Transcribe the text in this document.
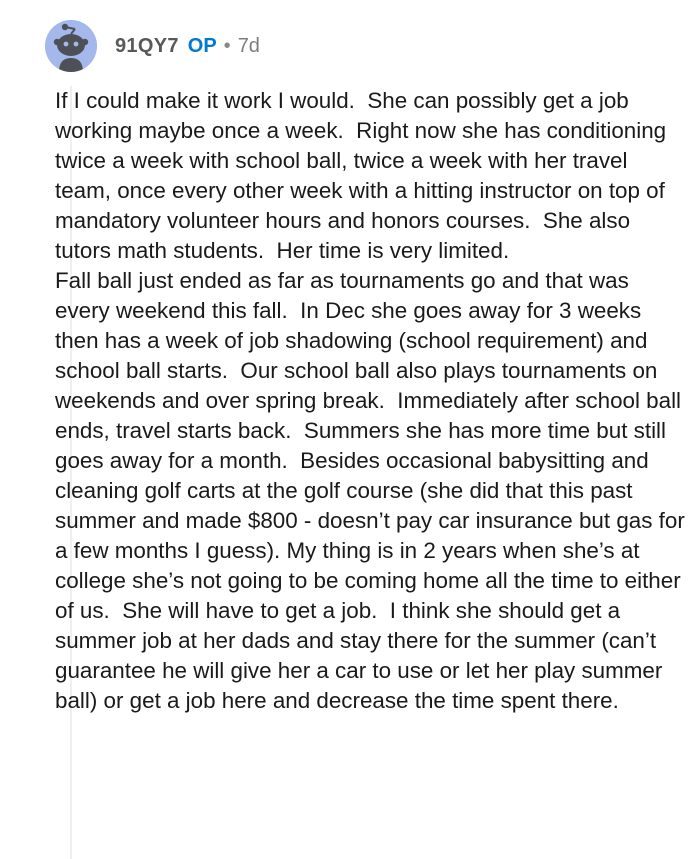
91QY7 OP • 7d

If I could make it work I would.  She can possibly get a job working maybe once a week.  Right now she has conditioning twice a week with school ball, twice a week with her travel team, once every other week with a hitting instructor on top of mandatory volunteer hours and honors courses.  She also tutors math students.  Her time is very limited.

Fall ball just ended as far as tournaments go and that was every weekend this fall.  In Dec she goes away for 3 weeks then has a week of job shadowing (school requirement) and school ball starts.  Our school ball also plays tournaments on weekends and over spring break.  Immediately after school ball ends, travel starts back.  Summers she has more time but still goes away for a month.  Besides occasional babysitting and cleaning golf carts at the golf course (she did that this past summer and made $800 - doesn’t pay car insurance but gas for a few months I guess). My thing is in 2 years when she’s at college she’s not going to be coming home all the time to either of us.  She will have to get a job.  I think she should get a summer job at her dads and stay there for the summer (can’t guarantee he will give her a car to use or let her play summer ball) or get a job here and decrease the time spent there.
